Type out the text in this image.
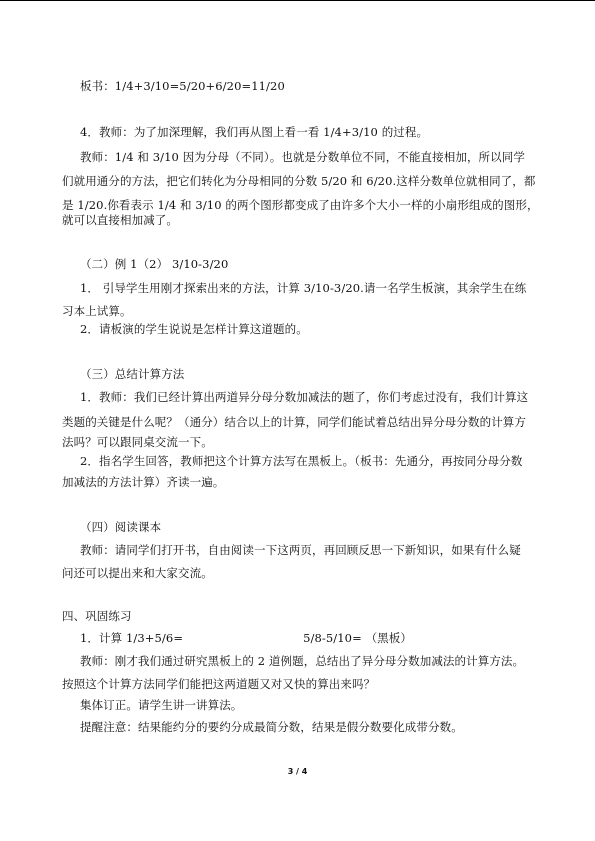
板书：1/4+3/10=5/20+6/20=11/20
4．教师：为了加深理解，我们再从图上看一看 1/4+3/10 的过程。
教师：1/4 和 3/10 因为分母（不同）。也就是分数单位不同，不能直接相加，所以同学
们就用通分的方法，把它们转化为分母相同的分数 5/20 和 6/20.这样分数单位就相同了，都
是 1/20.你看表示 1/4 和 3/10 的两个图形都变成了由许多个大小一样的小扇形组成的图形，
就可以直接相加减了。
（二）例 1（2） 3/10-3/20
1． 引导学生用刚才探索出来的方法，计算 3/10-3/20.请一名学生板演，其余学生在练
习本上试算。
2．请板演的学生说说是怎样计算这道题的。
（三）总结计算方法
1．教师：我们已经计算出两道异分母分数加减法的题了，你们考虑过没有，我们计算这
类题的关键是什么呢？（通分）结合以上的计算，同学们能试着总结出异分母分数的计算方
法吗？可以跟同桌交流一下。
2．指名学生回答，教师把这个计算方法写在黑板上。（板书：先通分，再按同分母分数
加减法的方法计算）齐读一遍。
（四）阅读课本
教师：请同学们打开书，自由阅读一下这两页，再回顾反思一下新知识，如果有什么疑
问还可以提出来和大家交流。
四、巩固练习
1．计算 1/3+5/6=	5/8-5/10= （黑板）
教师：刚才我们通过研究黑板上的 2 道例题，总结出了异分母分数加减法的计算方法。
按照这个计算方法同学们能把这两道题又对又快的算出来吗？
集体订正。请学生讲一讲算法。
提醒注意：结果能约分的要约分成最简分数，结果是假分数要化成带分数。
3 / 4
